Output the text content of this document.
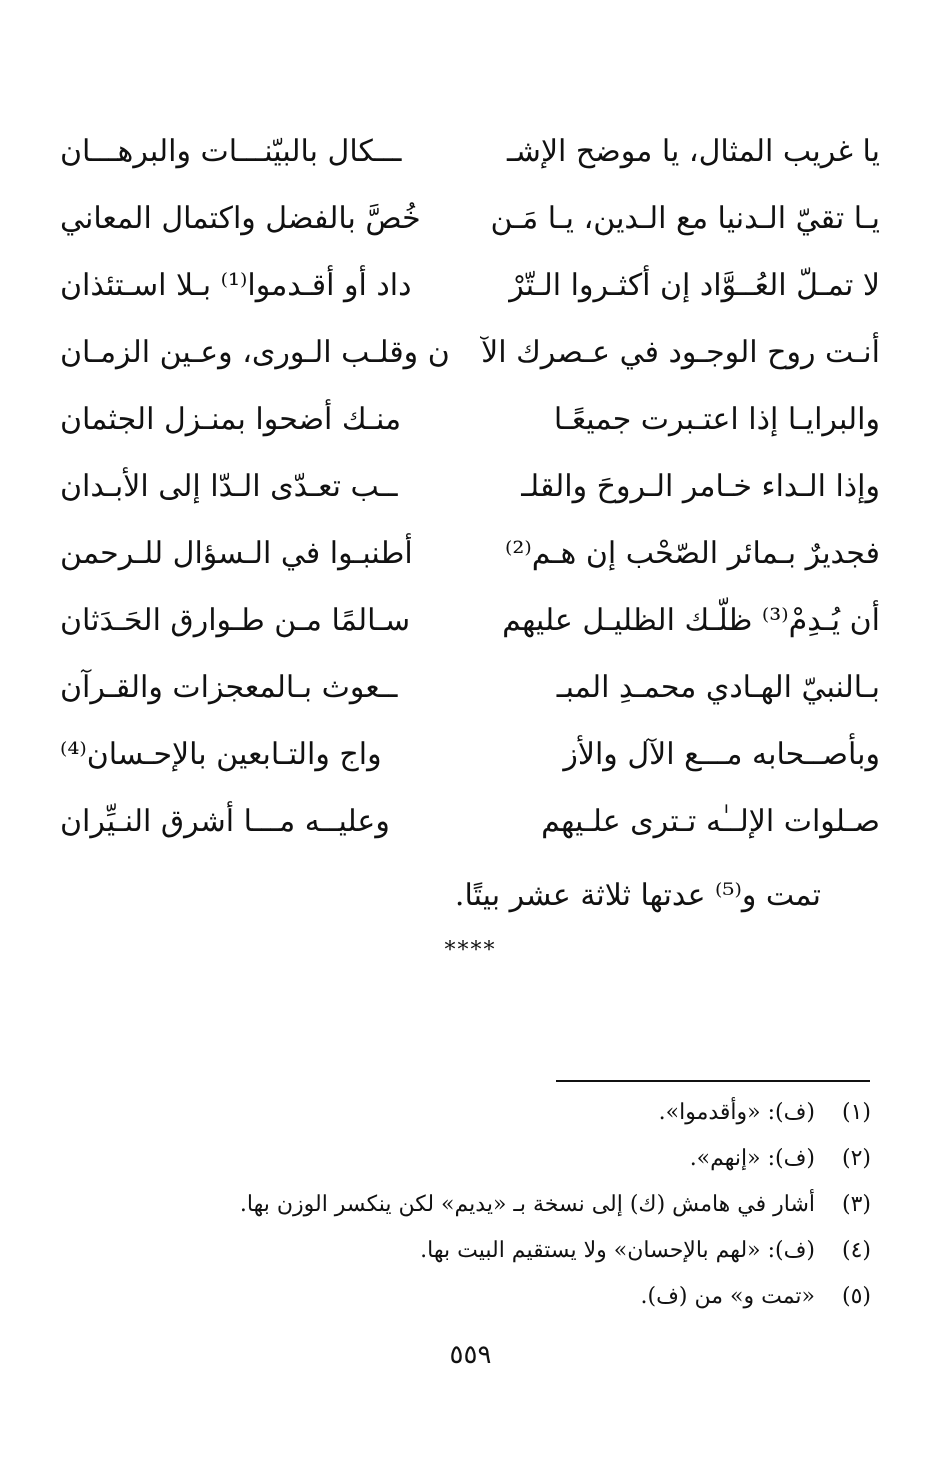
يا غريب المثال، يا موضح الإشـ
ـــكال بالبيّنـــات والبرهـــان
يـا تقيّ الـدنيا مع الـدين، يـا مَـن
خُصَّ بالفضل واكتمال المعاني
لا تمـلّ العُــوَّاد إن أكثـروا الـتّرْ
داد أو أقـدموا⁽¹⁾ بـلا اسـتئذان
أنـت روح الوجـود في عـصرك الآ
ن وقلـب الـورى، وعـين الزمـان
والبرايـا إذا اعتـبرت جميعًـا
منـك أضحوا بمنـزل الجثمان
وإذا الـداء خـامر الـروحَ والقلـ
ــب تعـدّى الـدّا إلى الأبـدان
فجديرٌ بـمائر الصّحْب إن هـم⁽²⁾
أطنبـوا في الـسؤال للـرحمن
أن يُـدِمْ⁽³⁾ ظلّـك الظليـل عليهم
سـالمًا مـن طـوارق الحَـدَثان
بـالنبيّ الهـادي محمـدِ المبـ
ــعوث بـالمعجزات والقـرآن
وبأصــحابه مـــع الآل والأز
واج والتـابعين بالإحـسان⁽⁴⁾
صـلوات الإلــٰه تـترى علـيهم
وعليــه مـــا أشرق النـيِّران
تمت و⁽⁵⁾ عدتها ثلاثة عشر بيتًا.
****
(١)
(ف): «وأقدموا».
(٢)
(ف): «إنهم».
(٣)
أشار في هامش (ك) إلى نسخة بـ «يديم» لكن ينكسر الوزن بها.
(٤)
(ف): «لهم بالإحسان» ولا يستقيم البيت بها.
(٥)
«تمت و» من (ف).
٥٥٩
